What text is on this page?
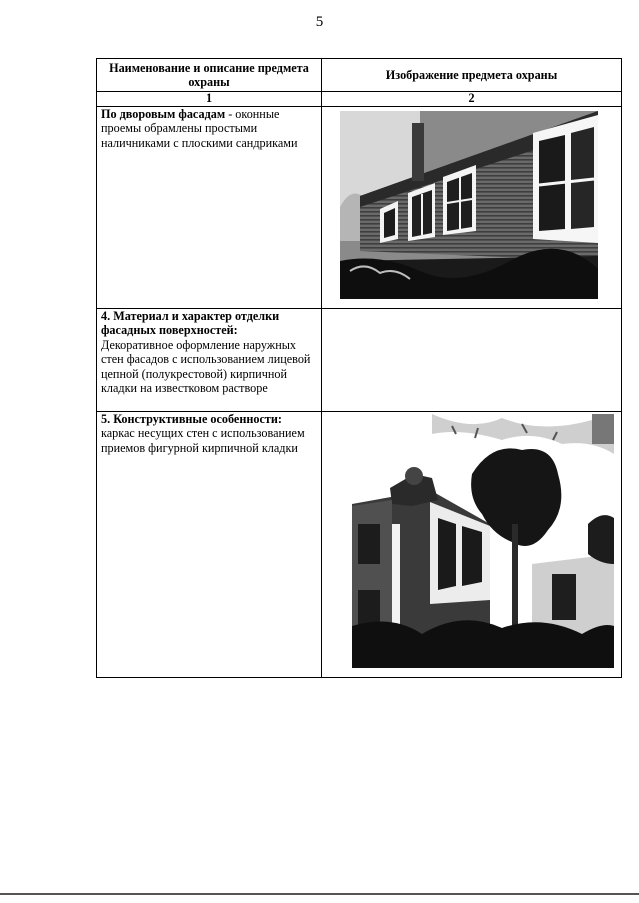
5
Наименование и описание предмета охраны	Изображение предмета охраны
1	2
По дворовым фасадам - оконные проемы обрамлены простыми наличниками с плоскими сандриками	

4. Материал и характер отделки фасадных поверхностей:
Декоративное оформление наружных стен фасадов с использованием лицевой цепной (полукрестовой) кирпичной кладки на известковом растворе	

5. Конструктивные особенности:
каркас несущих стен с использованием приемов фигурной кирпичной кладки
